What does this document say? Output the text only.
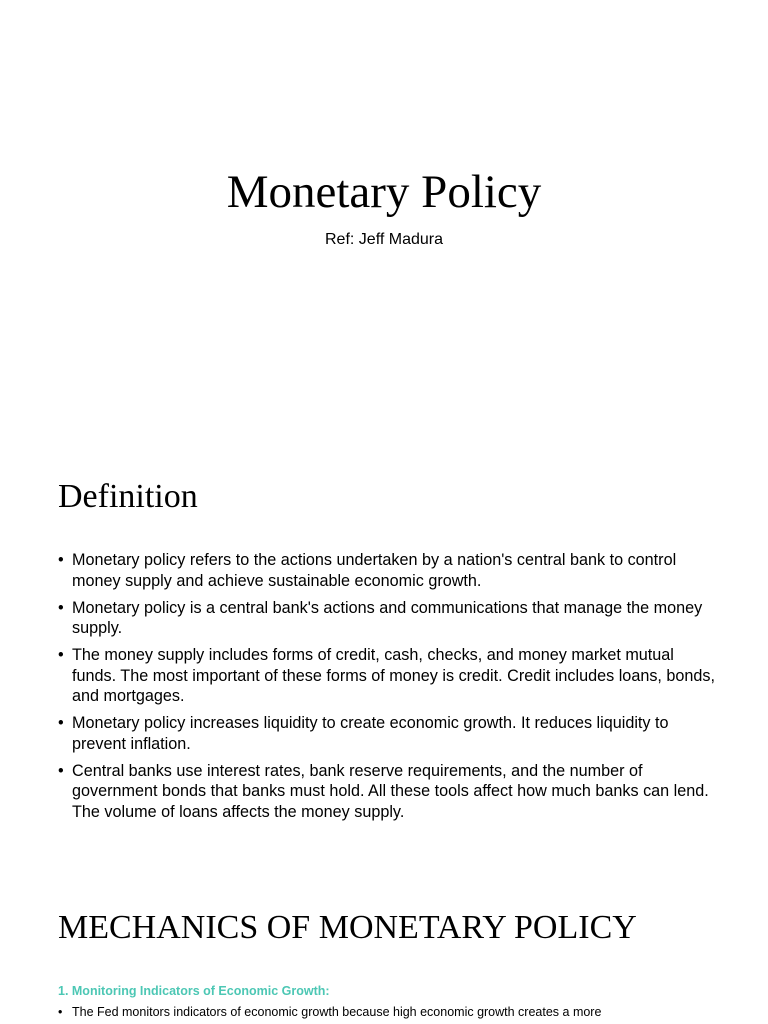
Monetary Policy

Ref: Jeff Madura

Definition
• Monetary policy refers to the actions undertaken by a nation's central bank to control money supply and achieve sustainable economic growth.
• Monetary policy is a central bank's actions and communications that manage the money supply.
• The money supply includes forms of credit, cash, checks, and money market mutual funds. The most important of these forms of money is credit. Credit includes loans, bonds, and mortgages.
• Monetary policy increases liquidity to create economic growth. It reduces liquidity to prevent inflation.
• Central banks use interest rates, bank reserve requirements, and the number of government bonds that banks must hold. All these tools affect how much banks can lend. The volume of loans affects the money supply.
MECHANICS OF MONETARY POLICY

1. Monitoring Indicators of Economic Growth:

• The Fed monitors indicators of economic growth because high economic growth creates a more
